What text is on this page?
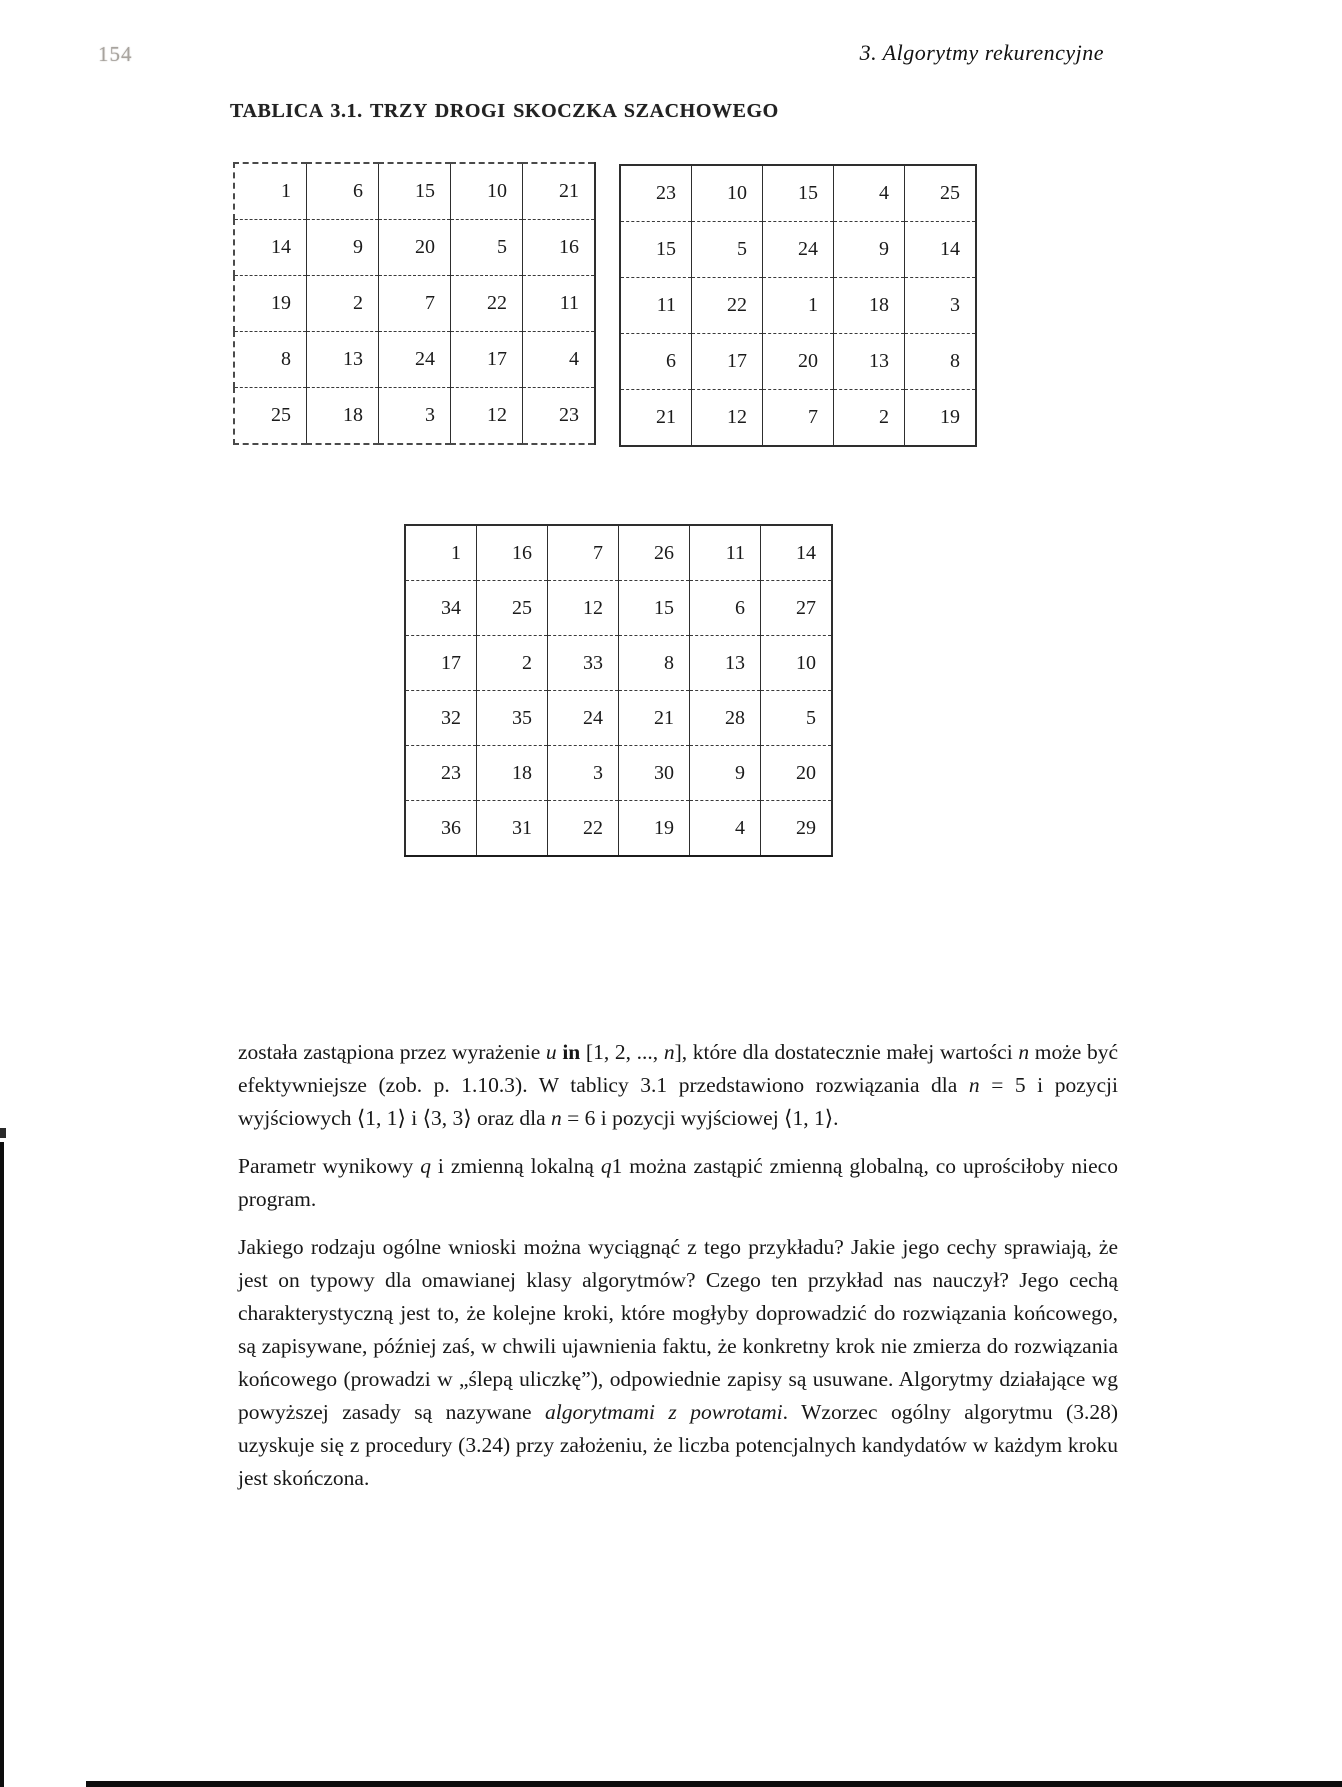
154	3. Algorytmy rekurencyjne
TABLICA 3.1. TRZY DROGI SKOCZKA SZACHOWEGO
1	6	15	10	21
14	9	20	5	16
19	2	7	22	11
8	13	24	17	4
25	18	3	12	23
23	10	15	4	25
15	5	24	9	14
11	22	1	18	3
6	17	20	13	8
21	12	7	2	19
1	16	7	26	11	14
34	25	12	15	6	27
17	2	33	8	13	10
32	35	24	21	28	5
23	18	3	30	9	20
36	31	22	19	4	29

została zastąpiona przez wyrażenie u in [1, 2, ..., n], które dla dostatecznie małej wartości n może być efektywniejsze (zob. p. 1.10.3). W tablicy 3.1 przedstawiono rozwiązania dla n = 5 i pozycji wyjściowych ⟨1, 1⟩ i ⟨3, 3⟩ oraz dla n = 6 i pozycji wyjściowej ⟨1, 1⟩.

Parametr wynikowy q i zmienną lokalną q1 można zastąpić zmienną globalną, co uprościłoby nieco program.

Jakiego rodzaju ogólne wnioski można wyciągnąć z tego przykładu? Jakie jego cechy sprawiają, że jest on typowy dla omawianej klasy algorytmów? Czego ten przykład nas nauczył? Jego cechą charakterystyczną jest to, że kolejne kroki, które mogłyby doprowadzić do rozwiązania końcowego, są zapisywane, później zaś, w chwili ujawnienia faktu, że konkretny krok nie zmierza do rozwiązania końcowego (prowadzi w „ślepą uliczkę”), odpowiednie zapisy są usuwane. Algorytmy działające wg powyższej zasady są nazywane algorytmami z powrotami. Wzorzec ogólny algorytmu (3.28) uzyskuje się z procedury (3.24) przy założeniu, że liczba potencjalnych kandydatów w każdym kroku jest skończona.
